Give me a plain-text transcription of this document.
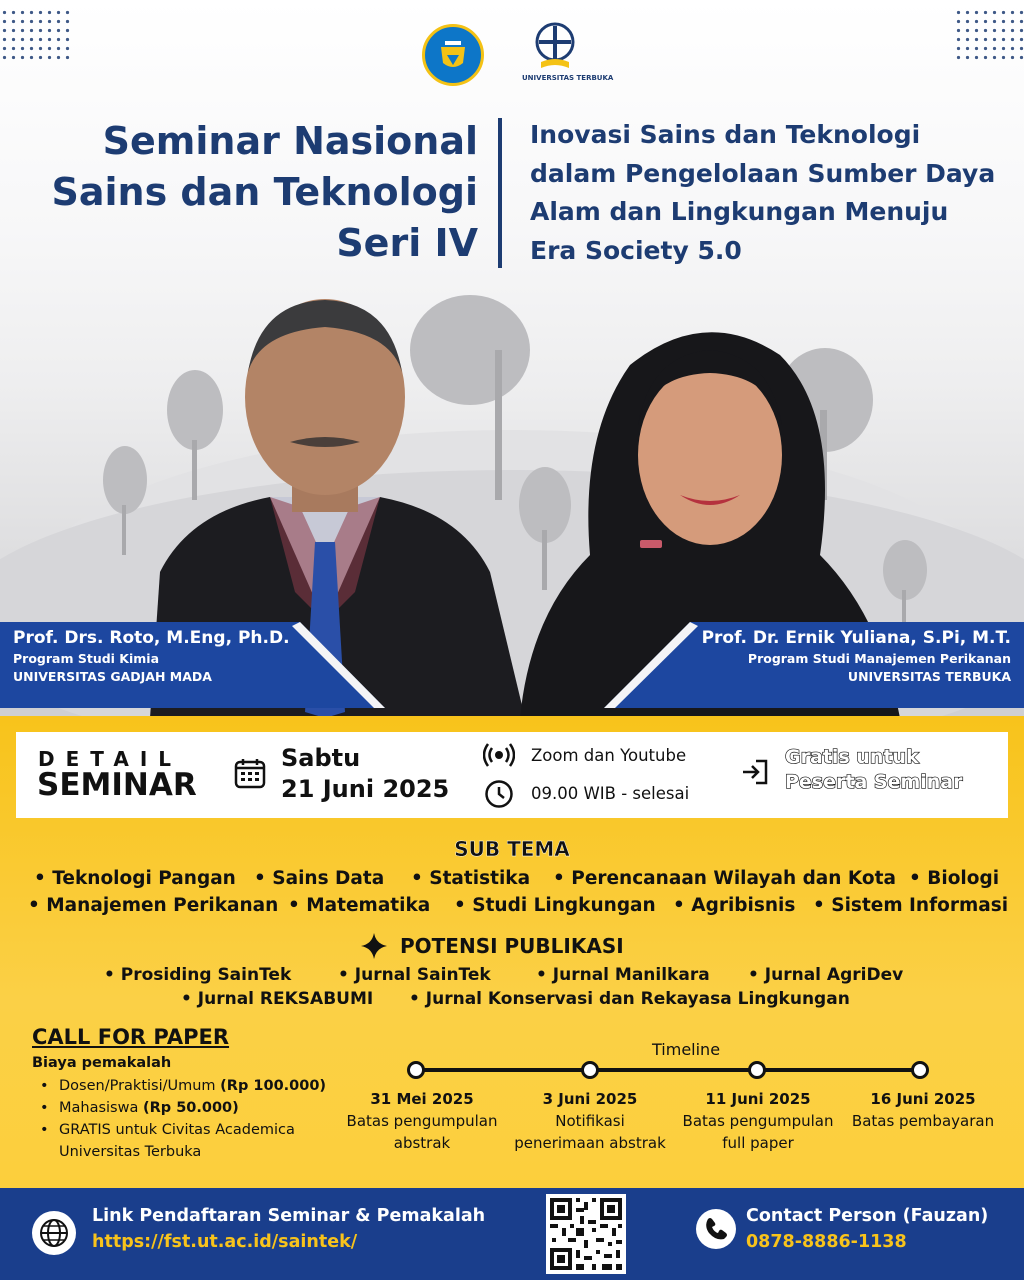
UNIVERSITAS TERBUKA
Seminar Nasional
Sains dan Teknologi
Seri IV
Inovasi Sains dan Teknologi
dalam Pengelolaan Sumber Daya
Alam dan Lingkungan Menuju
Era Society 5.0
Prof. Drs. Roto, M.Eng, Ph.D.
Program Studi Kimia
UNIVERSITAS GADJAH MADA
Prof. Dr. Ernik Yuliana, S.Pi, M.T.
Program Studi Manajemen Perikanan
UNIVERSITAS TERBUKA
DETAIL
SEMINAR
Sabtu
21 Juni 2025
Zoom dan Youtube
09.00 WIB - selesai
Gratis untuk
Peserta Seminar
SUB TEMA
• Teknologi Pangan • Sains Data • Statistika • Perencanaan Wilayah dan Kota • Biologi
• Manajemen Perikanan • Matematika • Studi Lingkungan • Agribisnis • Sistem Informasi
POTENSI PUBLIKASI
• Prosiding SainTek	• Jurnal SainTek	• Jurnal Manilkara • Jurnal AgriDev
• Jurnal REKSABUMI • Jurnal Konservasi dan Rekayasa Lingkungan
CALL FOR PAPER
Biaya pemakalah
• Dosen/Praktisi/Umum (Rp 100.000)
• Mahasiswa (Rp 50.000)
• GRATIS untuk Civitas Academica
Universitas Terbuka
Timeline
31 Mei 2025
Batas pengumpulan
abstrak
3 Juni 2025
Notifikasi
penerimaan abstrak
11 Juni 2025
Batas pengumpulan
full paper
16 Juni 2025
Batas pembayaran
Link Pendaftaran Seminar & Pemakalah
https://fst.ut.ac.id/saintek/
Contact Person (Fauzan)
0878-8886-1138
